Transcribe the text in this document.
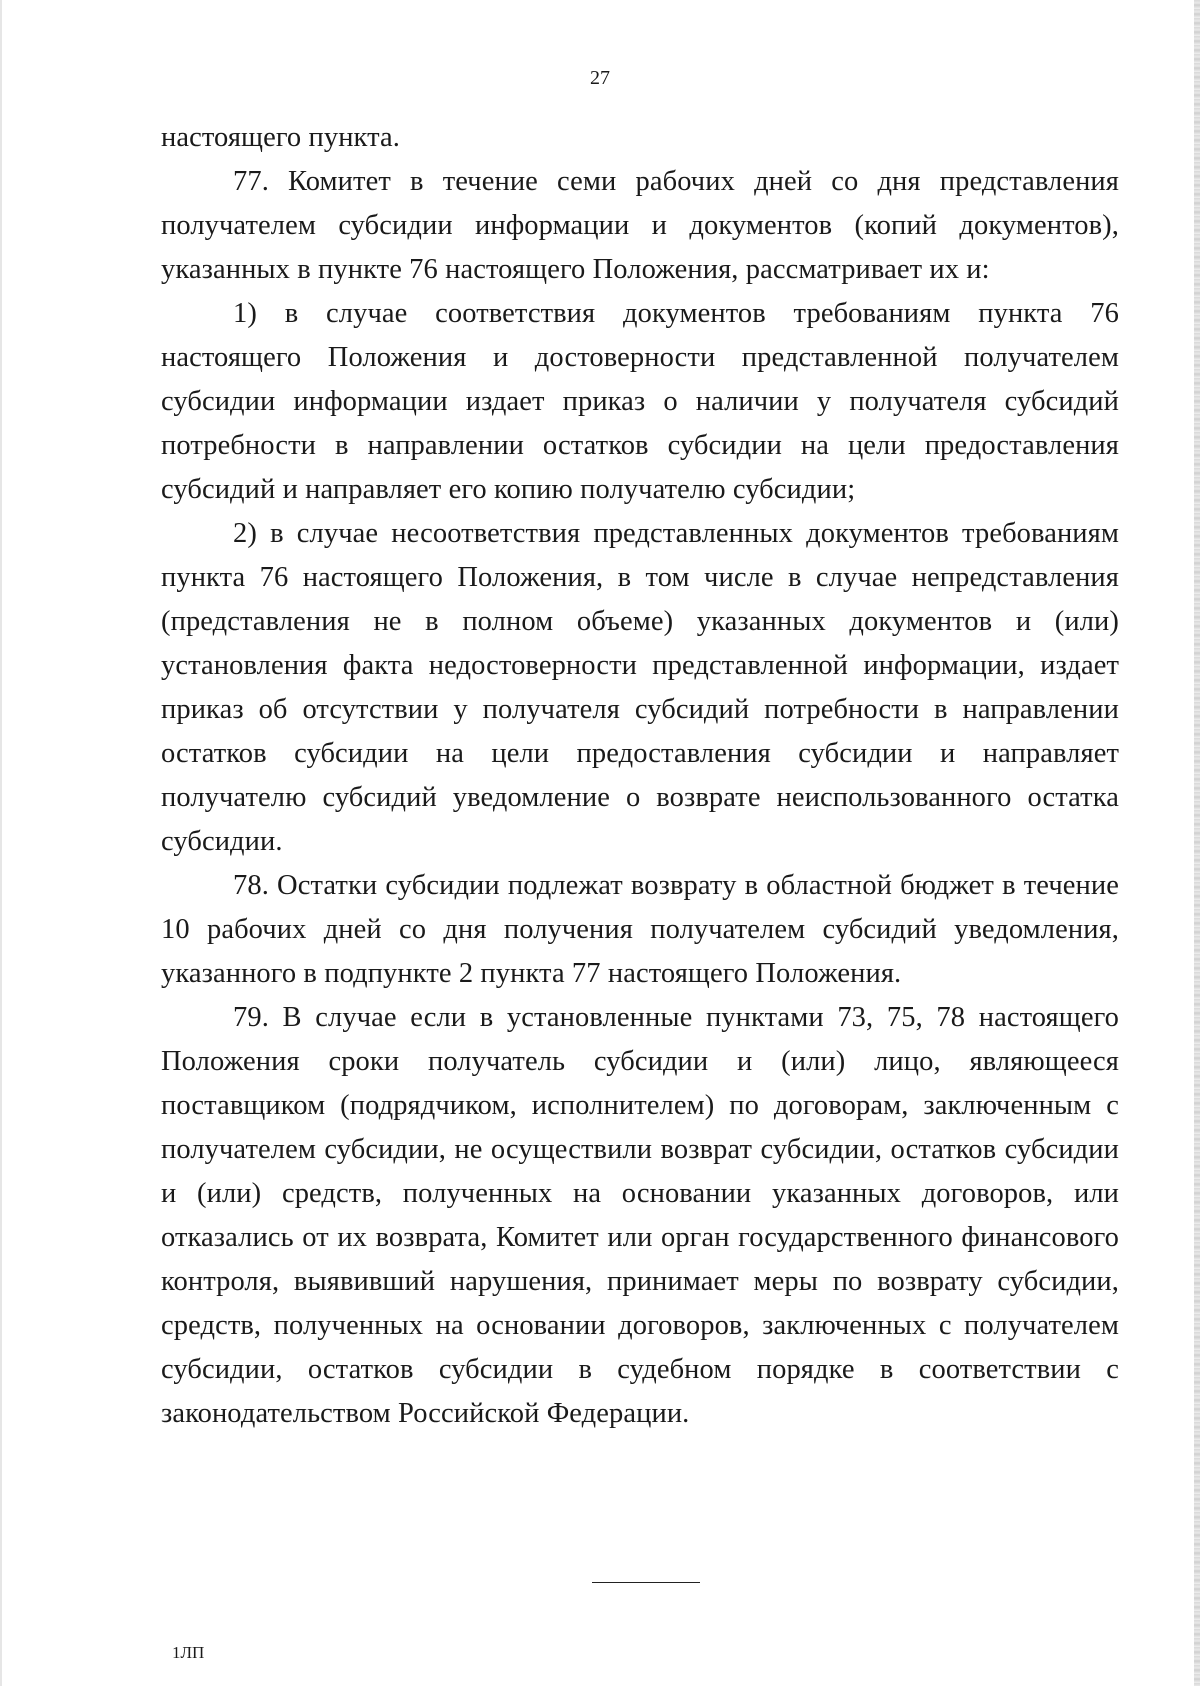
27

настоящего пункта.

77. Комитет в течение семи рабочих дней со дня представления получателем субсидии информации и документов (копий документов), указанных в пункте 76 настоящего Положения, рассматривает их и:

1) в случае соответствия документов требованиям пункта 76 настоящего Положения и достоверности представленной получателем субсидии информации издает приказ о наличии у получателя субсидий потребности в направлении остатков субсидии на цели предоставления субсидий и направляет его копию получателю субсидии;

2) в случае несоответствия представленных документов требованиям пункта 76 настоящего Положения, в том числе в случае непредставления (представления не в полном объеме) указанных документов и (или) установления факта недостоверности представленной информации, издает приказ об отсутствии у получателя субсидий потребности в направлении остатков субсидии на цели предоставления субсидии и направляет получателю субсидий уведомление о возврате неиспользованного остатка субсидии.

78. Остатки субсидии подлежат возврату в областной бюджет в течение 10 рабочих дней со дня получения получателем субсидий уведомления, указанного в подпункте 2 пункта 77 настоящего Положения.

79. В случае если в установленные пунктами 73, 75, 78 настоящего Положения сроки получатель субсидии и (или) лицо, являющееся поставщиком (подрядчиком, исполнителем) по договорам, заключенным с получателем субсидии, не осуществили возврат субсидии, остатков субсидии и (или) средств, полученных на основании указанных договоров, или отказались от их возврата, Комитет или орган государственного финансового контроля, выявивший нарушения, принимает меры по возврату субсидии, средств, полученных на основании договоров, заключенных с получателем субсидии, остатков субсидии в судебном порядке в соответствии с законодательством Российской Федерации.

1ЛП
